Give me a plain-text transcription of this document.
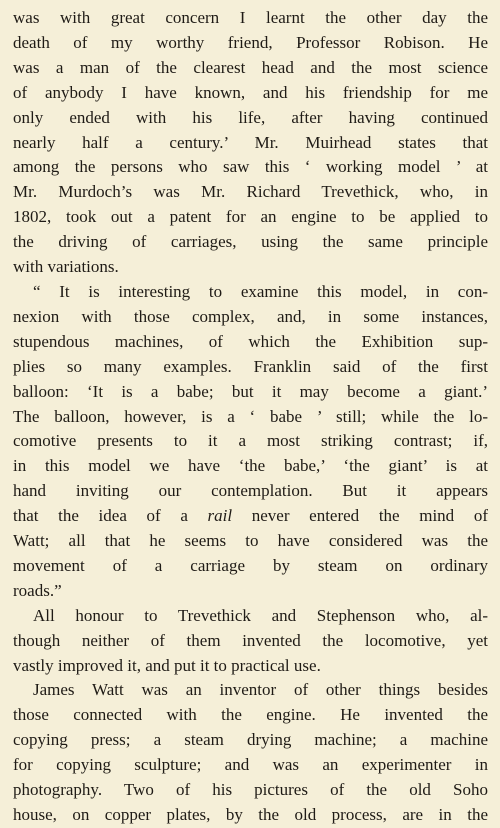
was with great concern I learnt the other day the
death of my worthy friend, Professor Robison. He
was a man of the clearest head and the most science
of anybody I have known, and his friendship for me
only ended with his life, after having continued
nearly half a century.’ Mr. Muirhead states that
among the persons who saw this ‘ working model ’ at
Mr. Murdoch’s was Mr. Richard Trevethick, who, in
1802, took out a patent for an engine to be applied to
the driving of carriages, using the same principle
with variations.
“ It is interesting to examine this model, in con-
nexion with those complex, and, in some instances,
stupendous machines, of which the Exhibition sup-
plies so many examples. Franklin said of the first
balloon: ‘It is a babe; but it may become a giant.’
The balloon, however, is a ‘ babe ’ still; while the lo-
comotive presents to it a most striking contrast; if,
in this model we have ‘the babe,’ ‘the giant’ is at
hand inviting our contemplation. But it appears
that the idea of a rail never entered the mind of
Watt; all that he seems to have considered was the
movement of a carriage by steam on ordinary
roads.”
All honour to Trevethick and Stephenson who, al-
though neither of them invented the locomotive, yet
vastly improved it, and put it to practical use.
James Watt was an inventor of other things besides
those connected with the engine. He invented the
copying press; a steam drying machine; a machine
for copying sculpture; and was an experimenter in
photography. Two of his pictures of the old Soho
house, on copper plates, by the old process, are in the
